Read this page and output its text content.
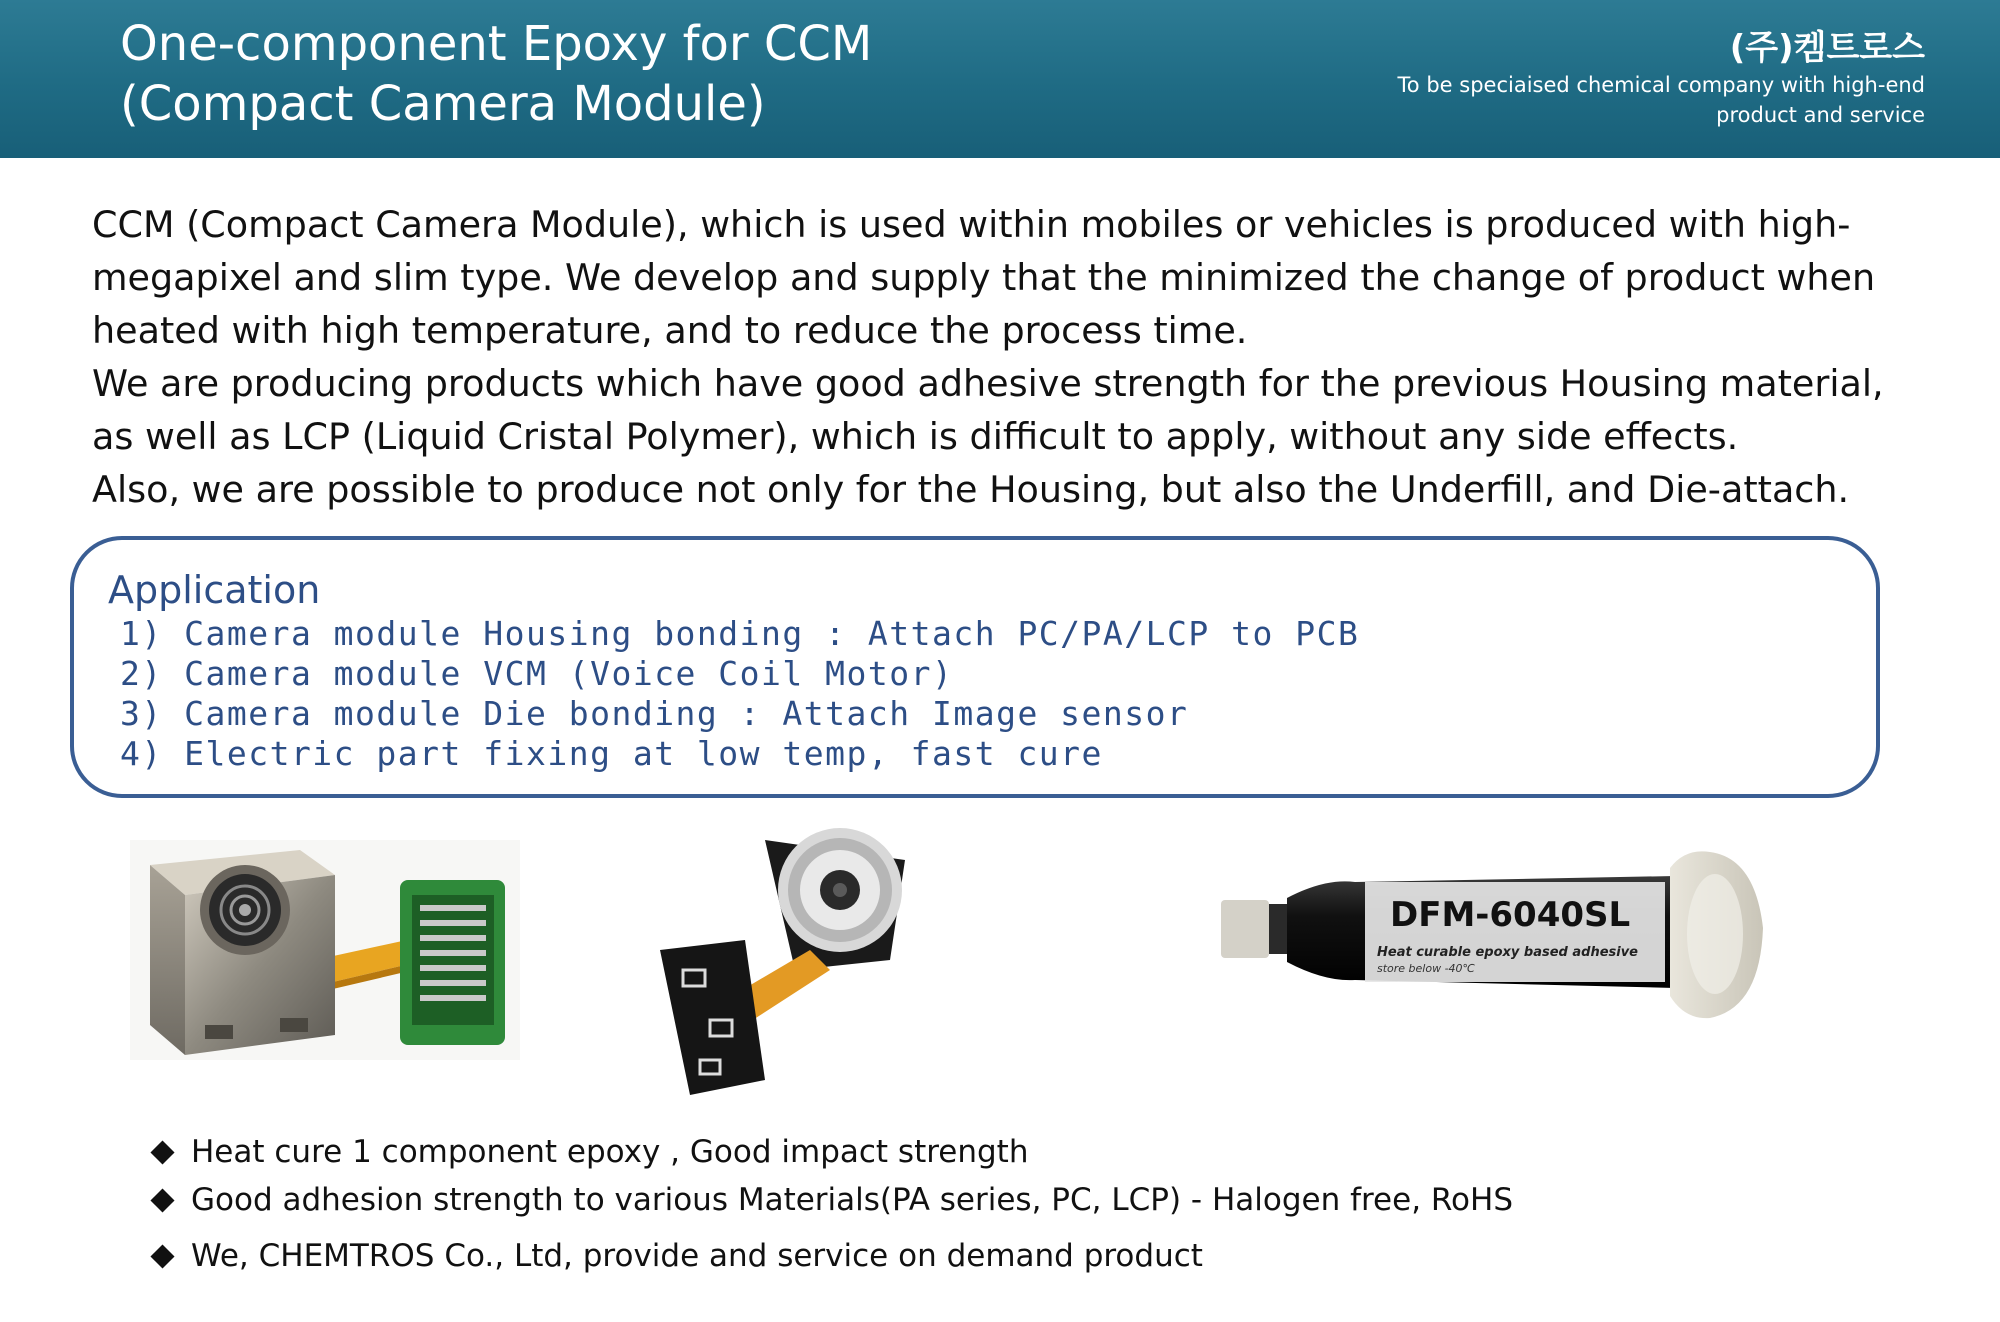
One-component Epoxy for CCM
(Compact Camera Module)
(주)켐트로스
To be speciaised chemical company with high-end product and service
CCM (Compact Camera Module), which is used within mobiles or vehicles is produced with high-
megapixel and slim type. We develop and supply that the minimized the change of product when
heated with high temperature, and to reduce the process time.
We are producing products which have good adhesive strength for the previous Housing material,
as well as LCP (Liquid Cristal Polymer), which is difficult to apply, without any side effects.
Also, we are possible to produce not only for the Housing, but also the Underfill, and Die-attach.
Application
1) Camera module Housing bonding : Attach PC/PA/LCP to PCB
2) Camera module VCM (Voice Coil Motor)
3) Camera module Die bonding : Attach Image sensor
4) Electric part fixing at low temp, fast cure
DFM-6040SL
Heat curable epoxy based adhesive
store below -40℃
Heat cure 1 component epoxy , Good impact strength
Good adhesion strength to various Materials(PA series, PC, LCP) - Halogen free, RoHS
We, CHEMTROS Co., Ltd, provide and service on demand product
